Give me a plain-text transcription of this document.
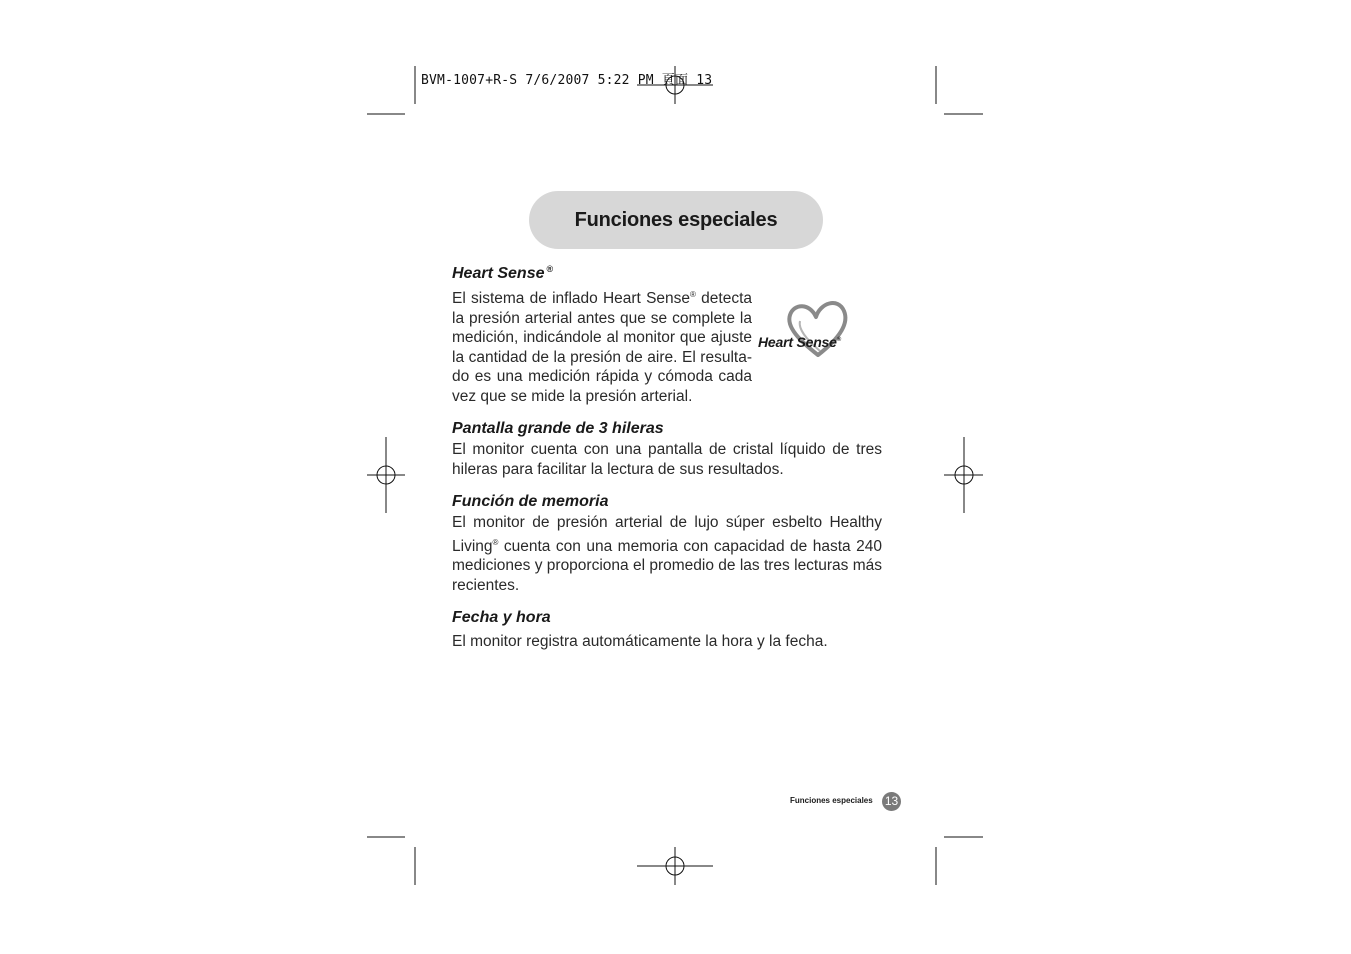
BVM-1007+R-S 7/6/2007 5:22 PM 頁面 13
Funciones especiales
Heart Sense ®
Heart Sense®

El sistema de inflado Heart Sense® detecta la presión arterial antes que se complete la medición, indicándole al monitor que ajuste la cantidad de la presión de aire. El resulta-do es una medición rápida y cómoda cada vez que se mide la presión arterial.

Pantalla grande de 3 hileras

El monitor cuenta con una pantalla de cristal líquido de tres hileras para facilitar la lectura de sus resultados.

Función de memoria

El monitor de presión arterial de lujo súper esbelto Healthy Living® cuenta con una memoria con capacidad de hasta 240 mediciones y proporciona el promedio de las tres lecturas más recientes.

Fecha y hora

El monitor registra automáticamente la hora y la fecha.

Funciones especiales 13
